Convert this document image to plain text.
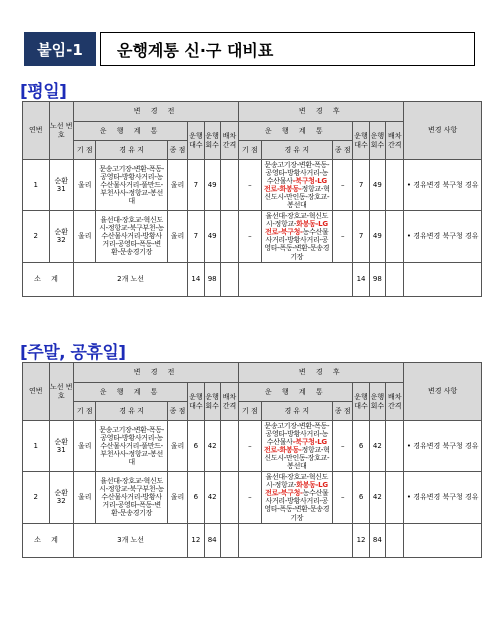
붙임-1	운행계통 신·구 대비표
[평일]
연번	노선 번호	변 경 전						변 경 후						변경 사항
		운 행 계 통			운행 대수	운행 회수	배차 간격	운 행 계 통			운행 대수	운행 회수	배차 간격	
		기 점	경 유 지	종 점				기 점	경 유 지	종 점				
1	순환 31	울리	문송고기장-변환-폭동-공영타-방황사거리-농수산물사거리-풀만드-부천사사-정항교-봉선대	울리	7	49		–	문송고기장-변환-폭동-공영타-방황사거리-농수산물사-북구청-LG전로-화봉동-정항교-혁신도시-만인동-장호교-봉선대	–	7	49		• 경유변경 북구청 경유
2	순환 32	울리	율선대-장호교-혁신도시-정항교-북구부천-농수산물사거리-방황사거리-공영타-폭동-변환-문송경기장	울리	7	49		–	율선대-장호교-혁신도시-정항교-화봉동-LG전로-북구청-농수산물사거리-방황사거리-공영타-폭동-변환-문송경기장	–	7	49		• 경유변경 북구청 경유
소 계		2개 노선			14	98					14	98		
[주말, 공휴일]
연번	노선 번호	변 경 전						변 경 후						변경 사항
		운 행 계 통			운행 대수	운행 회수	배차 간격	운 행 계 통			운행 대수	운행 회수	배차 간격	
		기 점	경 유 지	종 점				기 점	경 유 지	종 점				
1	순환 31	울리	문송고기장-변환-폭동-공영타-방황사거리-농수산물사거리-풀만드-부천사사-정항교-봉선대	울리	6	42		–	문송고기장-변환-폭동-공영타-방황사거리-농수산물사-북구청-LG전로-화봉동-정항교-혁신도시-만인동-장호교-봉선대	–	6	42		• 경유변경 북구청 경유
2	순환 32	울리	율선대-장호교-혁신도시-정항교-북구부천-농수산물사거리-방황사거리-공영타-폭동-변환-문송경기장	울리	6	42		–	율선대-장호교-혁신도시-정항교-화봉동-LG전로-북구청-농수산물사거리-방황사거리-공영타-폭동-변환-문송경기장	–	6	42		• 경유변경 북구청 경유
소 계		3개 노선			12	84					12	84		
